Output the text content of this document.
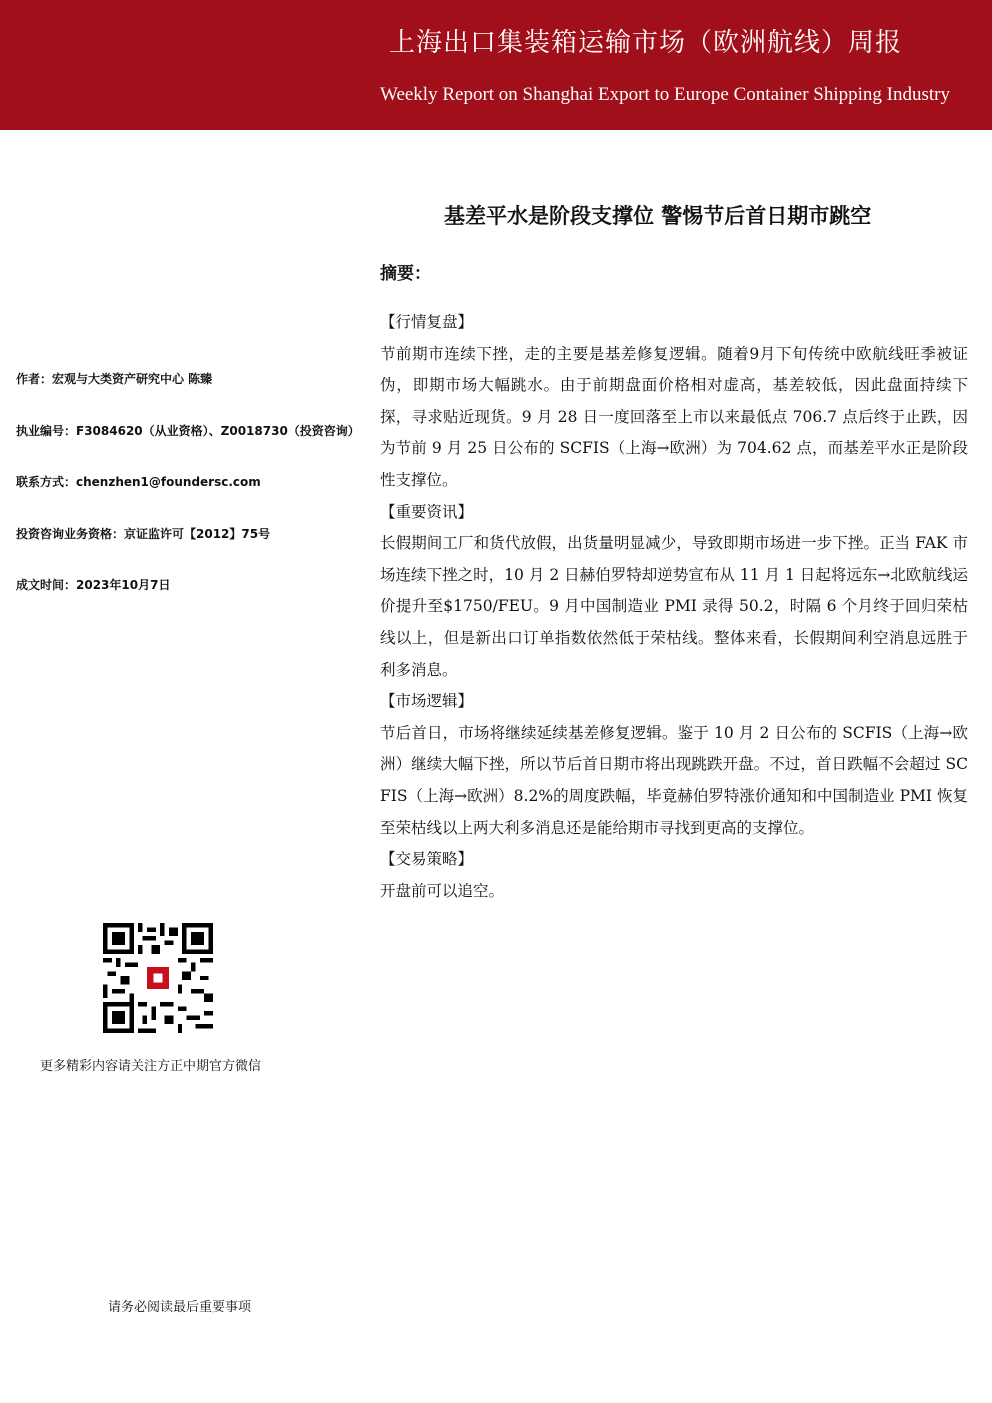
上海出口集装箱运输市场（欧洲航线）周报
Weekly Report on Shanghai Export to Europe Container Shipping Industry
基差平水是阶段支撑位 警惕节后首日期市跳空
摘要：
【行情复盘】
节前期市连续下挫，走的主要是基差修复逻辑。随着9月下旬传统中欧航线旺季被证伪，即期市场大幅跳水。由于前期盘面价格相对虚高，基差较低，因此盘面持续下探，寻求贴近现货。9 月 28 日一度回落至上市以来最低点 706.7 点后终于止跌，因为节前 9 月 25 日公布的 SCFIS（上海→欧洲）为 704.62 点，而基差平水正是阶段性支撑位。
【重要资讯】
长假期间工厂和货代放假，出货量明显减少，导致即期市场进一步下挫。正当 FAK 市场连续下挫之时，10 月 2 日赫伯罗特却逆势宣布从 11 月 1 日起将远东→北欧航线运价提升至$1750/FEU。9 月中国制造业 PMI 录得 50.2，时隔 6 个月终于回归荣枯线以上，但是新出口订单指数依然低于荣枯线。整体来看，长假期间利空消息远胜于利多消息。
【市场逻辑】
节后首日，市场将继续延续基差修复逻辑。鉴于 10 月 2 日公布的 SCFIS（上海→欧洲）继续大幅下挫，所以节后首日期市将出现跳跌开盘。不过，首日跌幅不会超过 SCFIS（上海→欧洲）8.2%的周度跌幅，毕竟赫伯罗特涨价通知和中国制造业 PMI 恢复至荣枯线以上两大利多消息还是能给期市寻找到更高的支撑位。
【交易策略】
开盘前可以追空。
作者：宏观与大类资产研究中心 陈臻
执业编号：F3084620（从业资格）、Z0018730（投资咨询）
联系方式：chenzhen1@foundersc.com
投资咨询业务资格：京证监许可【2012】75号
成文时间：2023年10月7日
更多精彩内容请关注方正中期官方微信
请务必阅读最后重要事项
